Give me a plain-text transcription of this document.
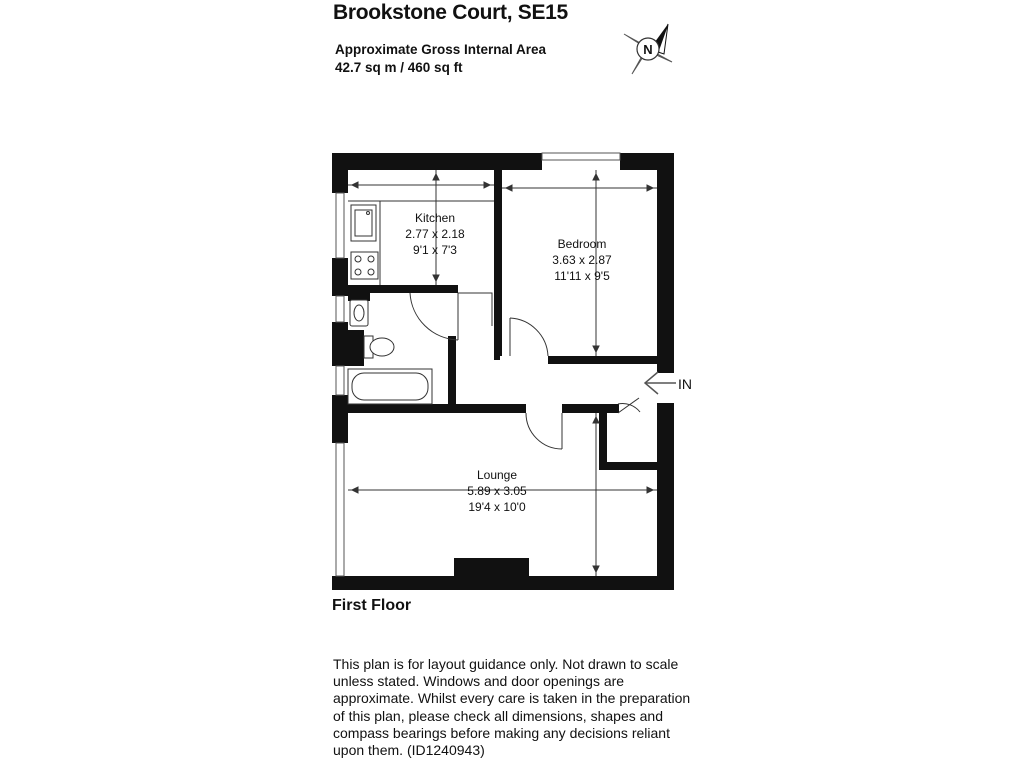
Brookstone Court, SE15
Approximate Gross Internal Area
42.7 sq m / 460 sq ft
N
Kitchen
2.77 x 2.18
9'1 x 7'3	Bedroom
3.63 x 2.87
11'11 x 9'5
Lounge
5.89 x 3.05
19'4 x 10'0
IN
First Floor
This plan is for layout guidance only. Not drawn to scale unless stated. Windows and door openings are approximate. Whilst every care is taken in the preparation of this plan, please check all dimensions, shapes and compass bearings before making any decisions reliant upon them. (ID1240943)
